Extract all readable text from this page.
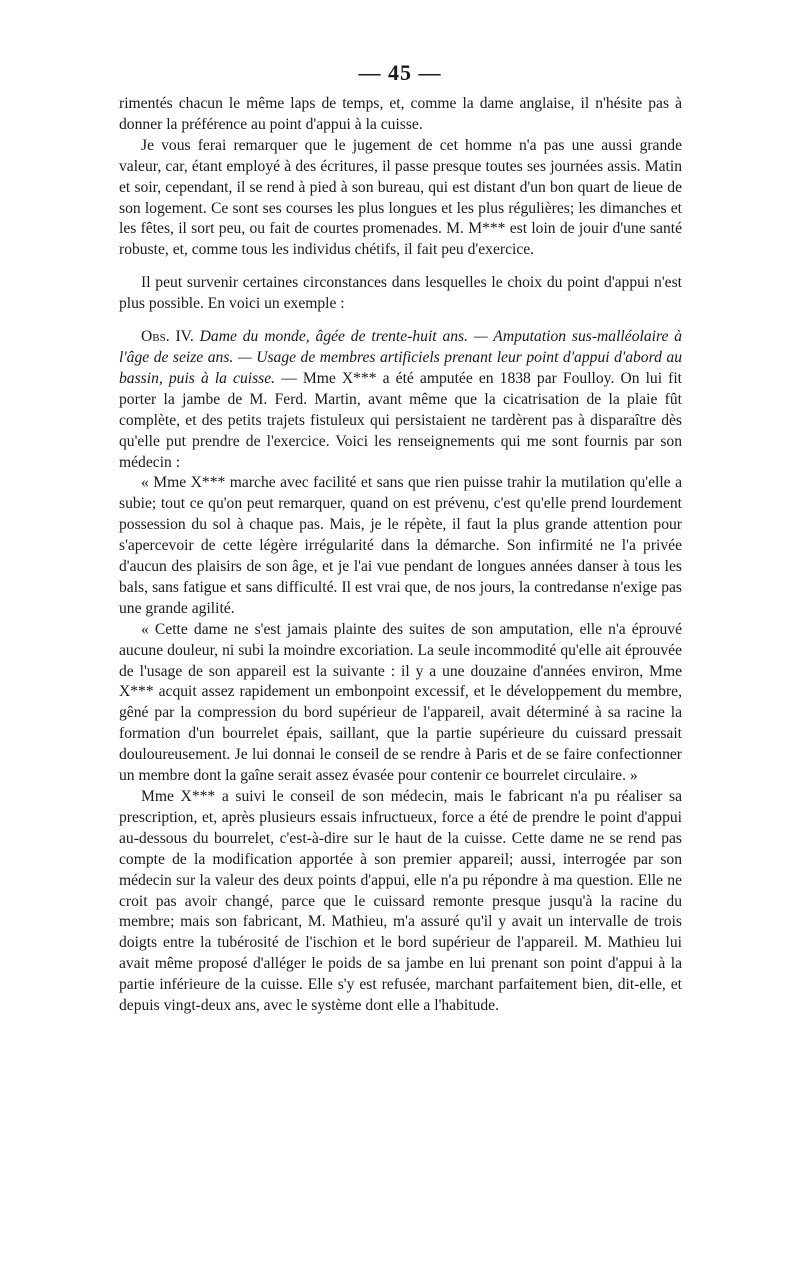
— 45 —

rimentés chacun le même laps de temps, et, comme la dame anglaise, il n'hésite pas à donner la préférence au point d'appui à la cuisse.

Je vous ferai remarquer que le jugement de cet homme n'a pas une aussi grande valeur, car, étant employé à des écritures, il passe presque toutes ses journées assis. Matin et soir, cependant, il se rend à pied à son bureau, qui est distant d'un bon quart de lieue de son logement. Ce sont ses courses les plus longues et les plus régulières; les dimanches et les fêtes, il sort peu, ou fait de courtes promenades. M. M*** est loin de jouir d'une santé robuste, et, comme tous les individus chétifs, il fait peu d'exercice.

Il peut survenir certaines circonstances dans lesquelles le choix du point d'appui n'est plus possible. En voici un exemple :

Obs. IV. Dame du monde, âgée de trente-huit ans. — Amputation sus-malléolaire à l'âge de seize ans. — Usage de membres artificiels prenant leur point d'appui d'abord au bassin, puis à la cuisse. — Mme X*** a été amputée en 1838 par Foulloy. On lui fit porter la jambe de M. Ferd. Martin, avant même que la cicatrisation de la plaie fût complète, et des petits trajets fistuleux qui persistaient ne tardèrent pas à disparaître dès qu'elle put prendre de l'exercice. Voici les renseignements qui me sont fournis par son médecin :

« Mme X*** marche avec facilité et sans que rien puisse trahir la mutilation qu'elle a subie; tout ce qu'on peut remarquer, quand on est prévenu, c'est qu'elle prend lourdement possession du sol à chaque pas. Mais, je le répète, il faut la plus grande attention pour s'apercevoir de cette légère irrégularité dans la démarche. Son infirmité ne l'a privée d'aucun des plaisirs de son âge, et je l'ai vue pendant de longues années danser à tous les bals, sans fatigue et sans difficulté. Il est vrai que, de nos jours, la contredanse n'exige pas une grande agilité.

« Cette dame ne s'est jamais plainte des suites de son amputation, elle n'a éprouvé aucune douleur, ni subi la moindre excoriation. La seule incommodité qu'elle ait éprouvée de l'usage de son appareil est la suivante : il y a une douzaine d'années environ, Mme X*** acquit assez rapidement un embonpoint excessif, et le développement du membre, gêné par la compression du bord supérieur de l'appareil, avait déterminé à sa racine la formation d'un bourrelet épais, saillant, que la partie supérieure du cuissard pressait douloureusement. Je lui donnai le conseil de se rendre à Paris et de se faire confectionner un membre dont la gaîne serait assez évasée pour contenir ce bourrelet circulaire. »

Mme X*** a suivi le conseil de son médecin, mais le fabricant n'a pu réaliser sa prescription, et, après plusieurs essais infructueux, force a été de prendre le point d'appui au-dessous du bourrelet, c'est-à-dire sur le haut de la cuisse. Cette dame ne se rend pas compte de la modification apportée à son premier appareil; aussi, interrogée par son médecin sur la valeur des deux points d'appui, elle n'a pu répondre à ma question. Elle ne croit pas avoir changé, parce que le cuissard remonte presque jusqu'à la racine du membre; mais son fabricant, M. Mathieu, m'a assuré qu'il y avait un intervalle de trois doigts entre la tubérosité de l'ischion et le bord supérieur de l'appareil. M. Mathieu lui avait même proposé d'alléger le poids de sa jambe en lui prenant son point d'appui à la partie inférieure de la cuisse. Elle s'y est refusée, marchant parfaitement bien, dit-elle, et depuis vingt-deux ans, avec le système dont elle a l'habitude.
